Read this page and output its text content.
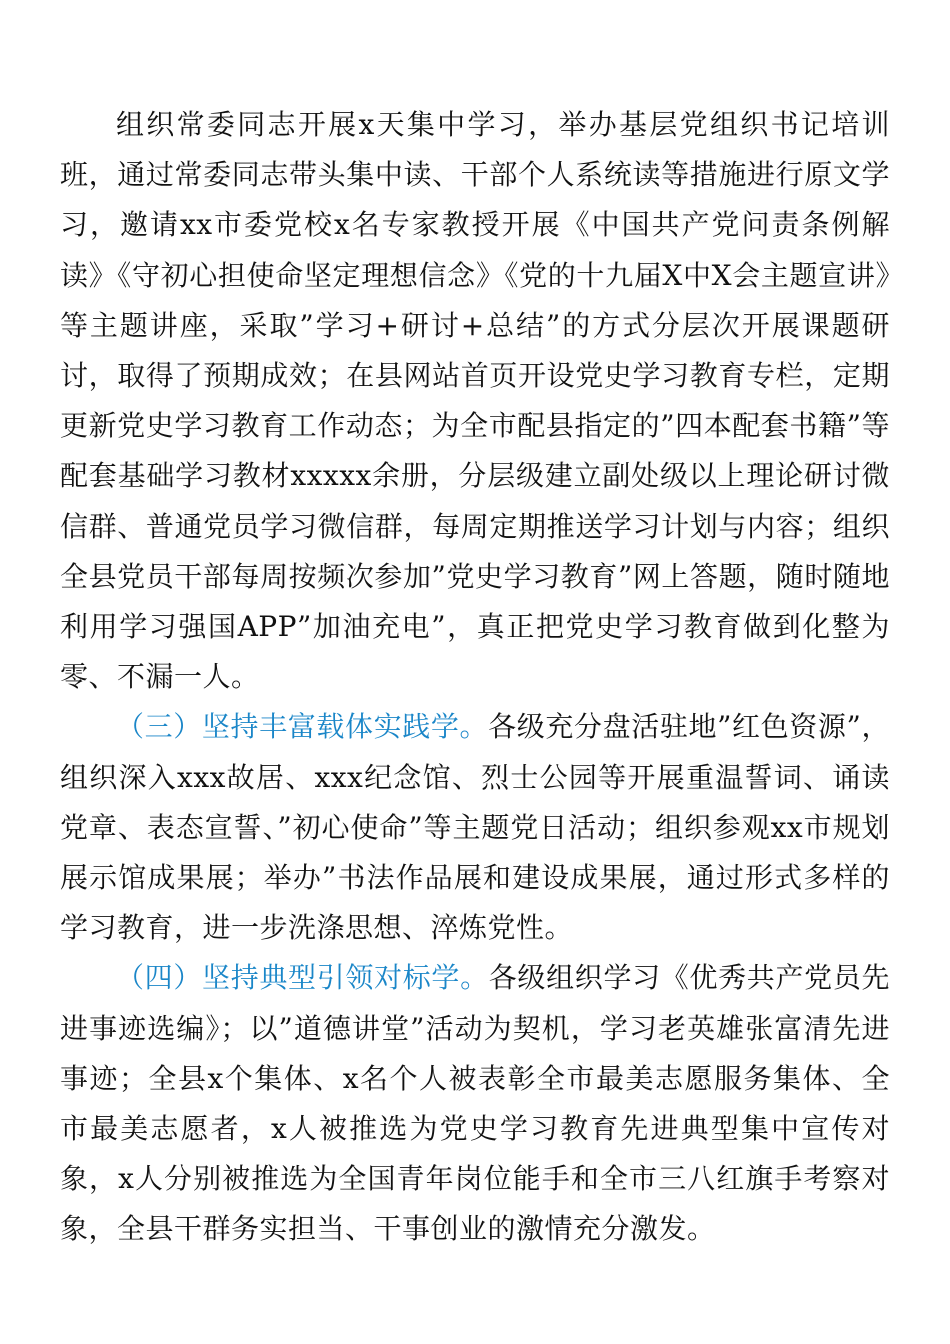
组织常委同志开展x天集中学习，举办基层党组织书记培训班，通过常委同志带头集中读、干部个人系统读等措施进行原文学习，邀请xx市委党校x名专家教授开展《中国共产党问责条例解读》《守初心担使命坚定理想信念》《党的十九届X中X会主题宣讲》等主题讲座，采取”学习+研讨+总结”的方式分层次开展课题研讨，取得了预期成效；在县网站首页开设党史学习教育专栏，定期更新党史学习教育工作动态；为全市配县指定的”四本配套书籍”等配套基础学习教材xxxxx余册，分层级建立副处级以上理论研讨微信群、普通党员学习微信群，每周定期推送学习计划与内容；组织全县党员干部每周按频次参加”党史学习教育”网上答题，随时随地利用学习强国APP”加油充电”，真正把党史学习教育做到化整为零、不漏一人。

（三）坚持丰富载体实践学。各级充分盘活驻地”红色资源”，组织深入xxx故居、xxx纪念馆、烈士公园等开展重温誓词、诵读党章、表态宣誓、”初心使命”等主题党日活动；组织参观xx市规划展示馆成果展；举办”书法作品展和建设成果展，通过形式多样的学习教育，进一步洗涤思想、淬炼党性。

（四）坚持典型引领对标学。各级组织学习《优秀共产党员先进事迹选编》；以”道德讲堂”活动为契机，学习老英雄张富清先进事迹；全县x个集体、x名个人被表彰全市最美志愿服务集体、全市最美志愿者，x人被推选为党史学习教育先进典型集中宣传对象，x人分别被推选为全国青年岗位能手和全市三八红旗手考察对象，全县干群务实担当、干事创业的激情充分激发。
